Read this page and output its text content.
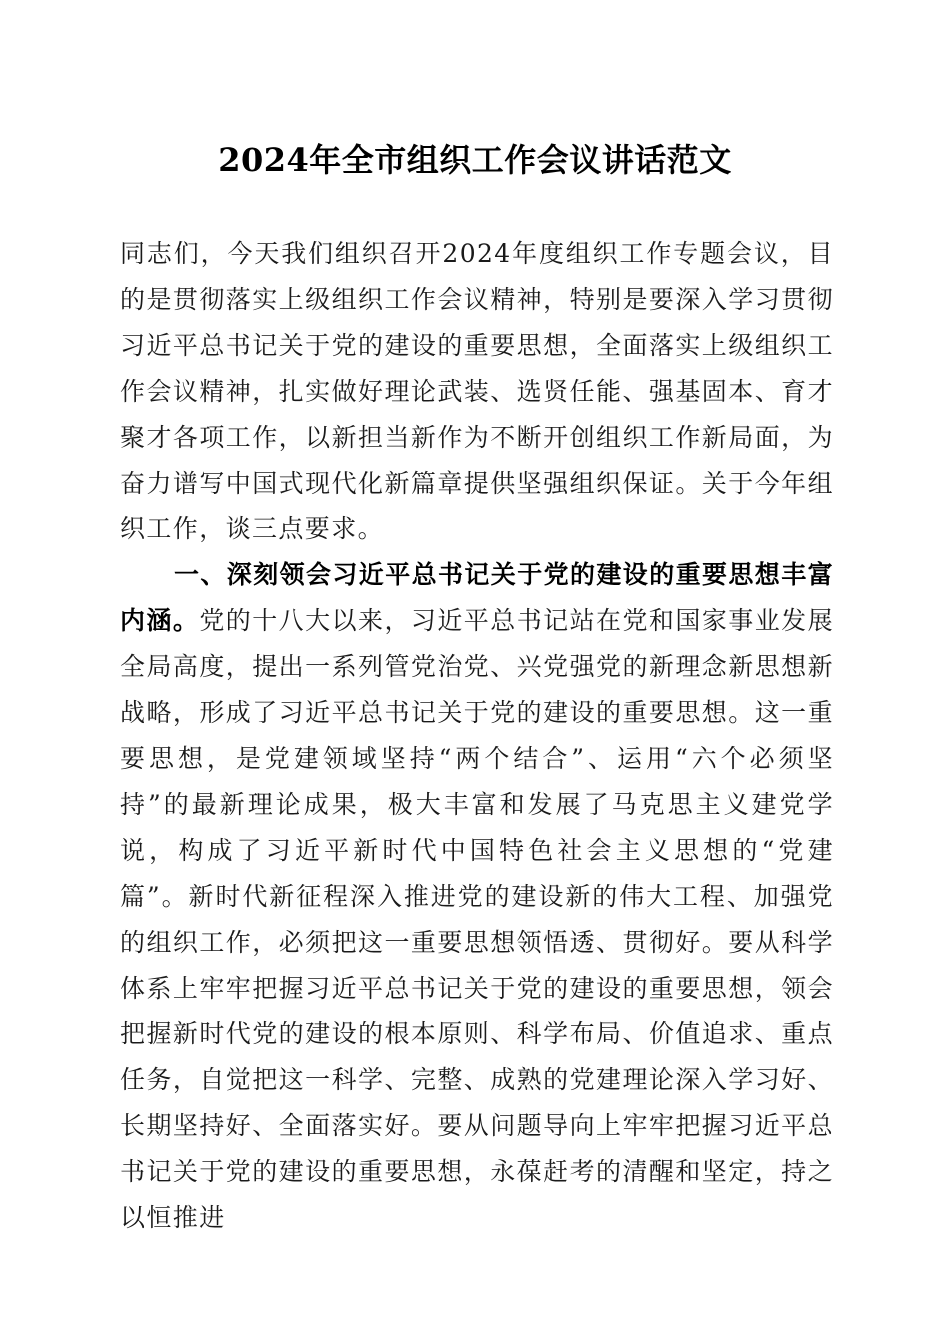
2024年全市组织工作会议讲话范文

同志们，今天我们组织召开2024年度组织工作专题会议，目的是贯彻落实上级组织工作会议精神，特别是要深入学习贯彻习近平总书记关于党的建设的重要思想，全面落实上级组织工作会议精神，扎实做好理论武装、选贤任能、强基固本、育才聚才各项工作，以新担当新作为不断开创组织工作新局面，为奋力谱写中国式现代化新篇章提供坚强组织保证。关于今年组织工作，谈三点要求。

一、深刻领会习近平总书记关于党的建设的重要思想丰富内涵。党的十八大以来，习近平总书记站在党和国家事业发展全局高度，提出一系列管党治党、兴党强党的新理念新思想新战略，形成了习近平总书记关于党的建设的重要思想。这一重要思想，是党建领域坚持“两个结合”、运用“六个必须坚持”的最新理论成果，极大丰富和发展了马克思主义建党学说，构成了习近平新时代中国特色社会主义思想的“党建篇”。新时代新征程深入推进党的建设新的伟大工程、加强党的组织工作，必须把这一重要思想领悟透、贯彻好。要从科学体系上牢牢把握习近平总书记关于党的建设的重要思想，领会把握新时代党的建设的根本原则、科学布局、价值追求、重点任务，自觉把这一科学、完整、成熟的党建理论深入学习好、长期坚持好、全面落实好。要从问题导向上牢牢把握习近平总书记关于党的建设的重要思想，永葆赶考的清醒和坚定，持之以恒推进
